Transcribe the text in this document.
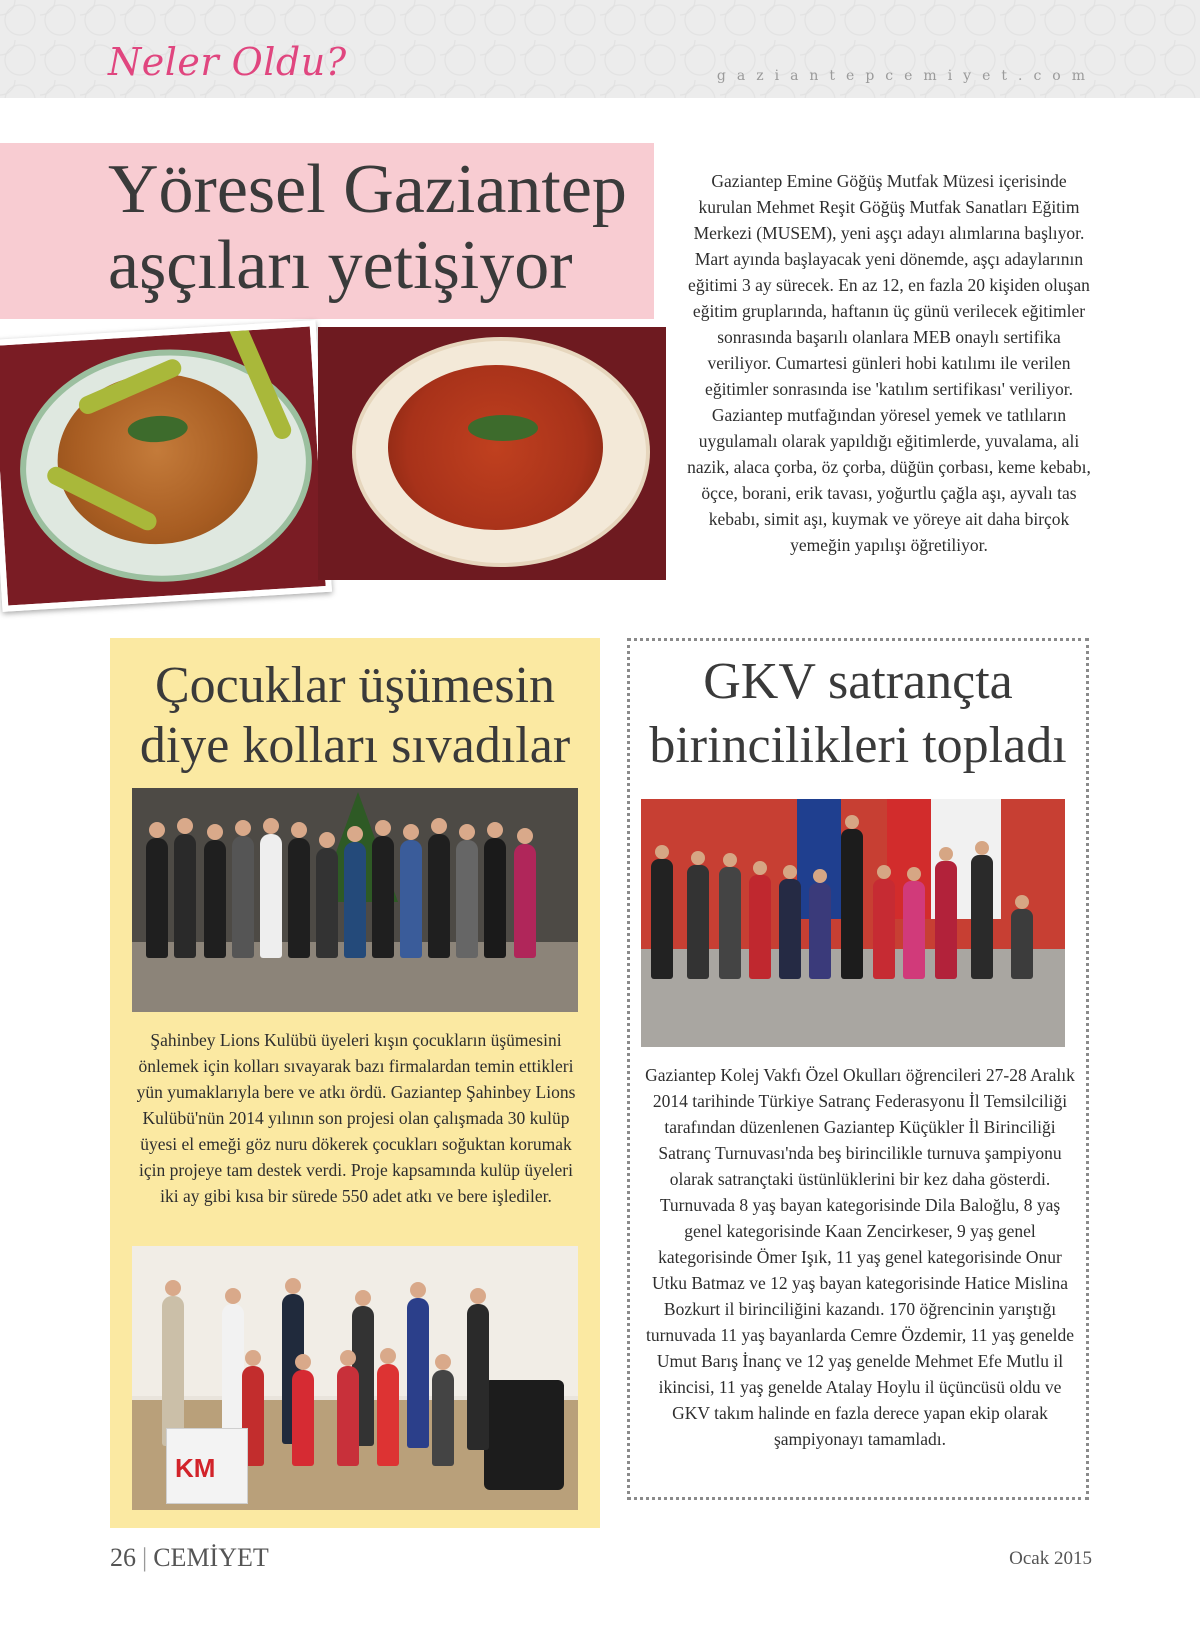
Neler Oldu?	gaziantepcemiyet.com
Yöresel Gaziantep aşçıları yetişiyor

Gaziantep Emine Göğüş Mutfak Müzesi içerisinde kurulan Mehmet Reşit Göğüş Mutfak Sanatları Eğitim Merkezi (MUSEM), yeni aşçı adayı alımlarına başlıyor. Mart ayında başlayacak yeni dönemde, aşçı adaylarının eğitimi 3 ay sürecek. En az 12, en fazla 20 kişiden oluşan eğitim gruplarında, haftanın üç günü verilecek eğitimler sonrasında başarılı olanlara MEB onaylı sertifika veriliyor. Cumartesi günleri hobi katılımı ile verilen eğitimler sonrasında ise 'katılım sertifikası' veriliyor. Gaziantep mutfağından yöresel yemek ve tatlıların uygulamalı olarak yapıldığı eğitimlerde, yuvalama, ali nazik, alaca çorba, öz çorba, düğün çorbası, keme kebabı, öçce, borani, erik tavası, yoğurtlu çağla aşı, ayvalı tas kebabı, simit aşı, kuymak ve yöreye ait daha birçok yemeğin yapılışı öğretiliyor.

Çocuklar üşümesin diye kolları sıvadılar

Şahinbey Lions Kulübü üyeleri kışın çocukların üşümesini önlemek için kolları sıvayarak bazı firmalardan temin ettikleri yün yumaklarıyla bere ve atkı ördü. Gaziantep Şahinbey Lions Kulübü'nün 2014 yılının son projesi olan çalışmada 30 kulüp üyesi el emeği göz nuru dökerek çocukları soğuktan korumak için projeye tam destek verdi. Proje kapsamında kulüp üyeleri iki ay gibi kısa bir sürede 550 adet atkı ve bere işlediler.

KM
GKV satrançta birincilikleri topladı

Gaziantep Kolej Vakfı Özel Okulları öğrencileri 27-28 Aralık 2014 tarihinde Türkiye Satranç Federasyonu İl Temsilciliği tarafından düzenlenen Gaziantep Küçükler İl Birinciliği Satranç Turnuvası'nda beş birincilikle turnuva şampiyonu olarak satrançtaki üstünlüklerini bir kez daha gösterdi. Turnuvada 8 yaş bayan kategorisinde Dila Baloğlu, 8 yaş genel kategorisinde Kaan Zencirkeser, 9 yaş genel kategorisinde Ömer Işık, 11 yaş genel kategorisinde Onur Utku Batmaz ve 12 yaş bayan kategorisinde Hatice Mislina Bozkurt il birinciliğini kazandı. 170 öğrencinin yarıştığı turnuvada 11 yaş bayanlarda Cemre Özdemir, 11 yaş genelde Umut Barış İnanç ve 12 yaş genelde Mehmet Efe Mutlu il ikincisi, 11 yaş genelde Atalay Hoylu il üçüncüsü oldu ve GKV takım halinde en fazla derece yapan ekip olarak şampiyonayı tamamladı.

26 | CEMİYET	Ocak 2015
